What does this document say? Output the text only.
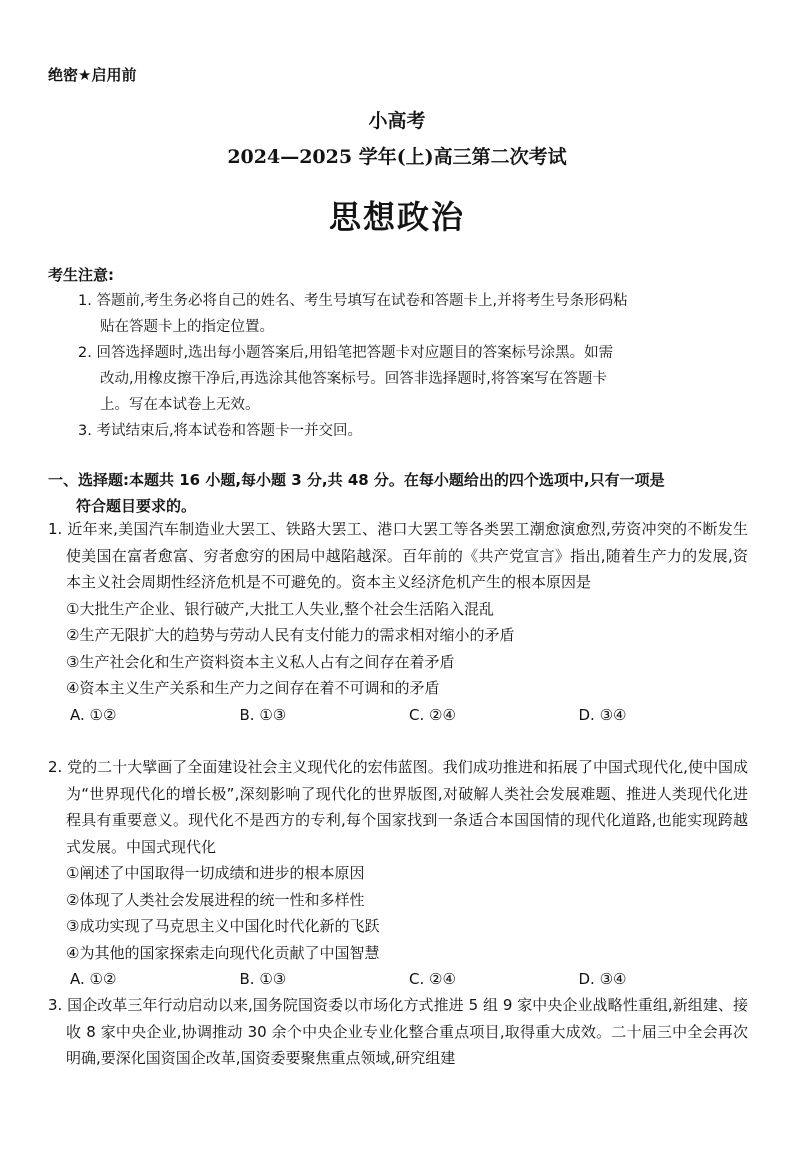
绝密★启用前
小高考
2024—2025 学年(上)高三第二次考试
思想政治
考生注意:
1. 答题前,考生务必将自己的姓名、考生号填写在试卷和答题卡上,并将考生号条形码粘
贴在答题卡上的指定位置。
2. 回答选择题时,选出每小题答案后,用铅笔把答题卡对应题目的答案标号涂黑。如需
改动,用橡皮擦干净后,再选涂其他答案标号。回答非选择题时,将答案写在答题卡
上。写在本试卷上无效。
3. 考试结束后,将本试卷和答题卡一并交回。
一、选择题:本题共 16 小题,每小题 3 分,共 48 分。在每小题给出的四个选项中,只有一项是
符合题目要求的。
1. 近年来,美国汽车制造业大罢工、铁路大罢工、港口大罢工等各类罢工潮愈演愈烈,劳资冲突的不断发生使美国在富者愈富、穷者愈穷的困局中越陷越深。百年前的《共产党宣言》指出,随着生产力的发展,资本主义社会周期性经济危机是不可避免的。资本主义经济危机产生的根本原因是
①大批生产企业、银行破产,大批工人失业,整个社会生活陷入混乱
②生产无限扩大的趋势与劳动人民有支付能力的需求相对缩小的矛盾
③生产社会化和生产资料资本主义私人占有之间存在着矛盾
④资本主义生产关系和生产力之间存在着不可调和的矛盾
A. ①②	B. ①③	C. ②④	D. ③④
2. 党的二十大擘画了全面建设社会主义现代化的宏伟蓝图。我们成功推进和拓展了中国式现代化,使中国成为“世界现代化的增长极”,深刻影响了现代化的世界版图,对破解人类社会发展难题、推进人类现代化进程具有重要意义。现代化不是西方的专利,每个国家找到一条适合本国国情的现代化道路,也能实现跨越式发展。中国式现代化
①阐述了中国取得一切成绩和进步的根本原因
②体现了人类社会发展进程的统一性和多样性
③成功实现了马克思主义中国化时代化新的飞跃
④为其他的国家探索走向现代化贡献了中国智慧
A. ①②	B. ①③	C. ②④	D. ③④
3. 国企改革三年行动启动以来,国务院国资委以市场化方式推进 5 组 9 家中央企业战略性重组,新组建、接收 8 家中央企业,协调推动 30 余个中央企业专业化整合重点项目,取得重大成效。二十届三中全会再次明确,要深化国资国企改革,国资委要聚焦重点领域,研究组建
